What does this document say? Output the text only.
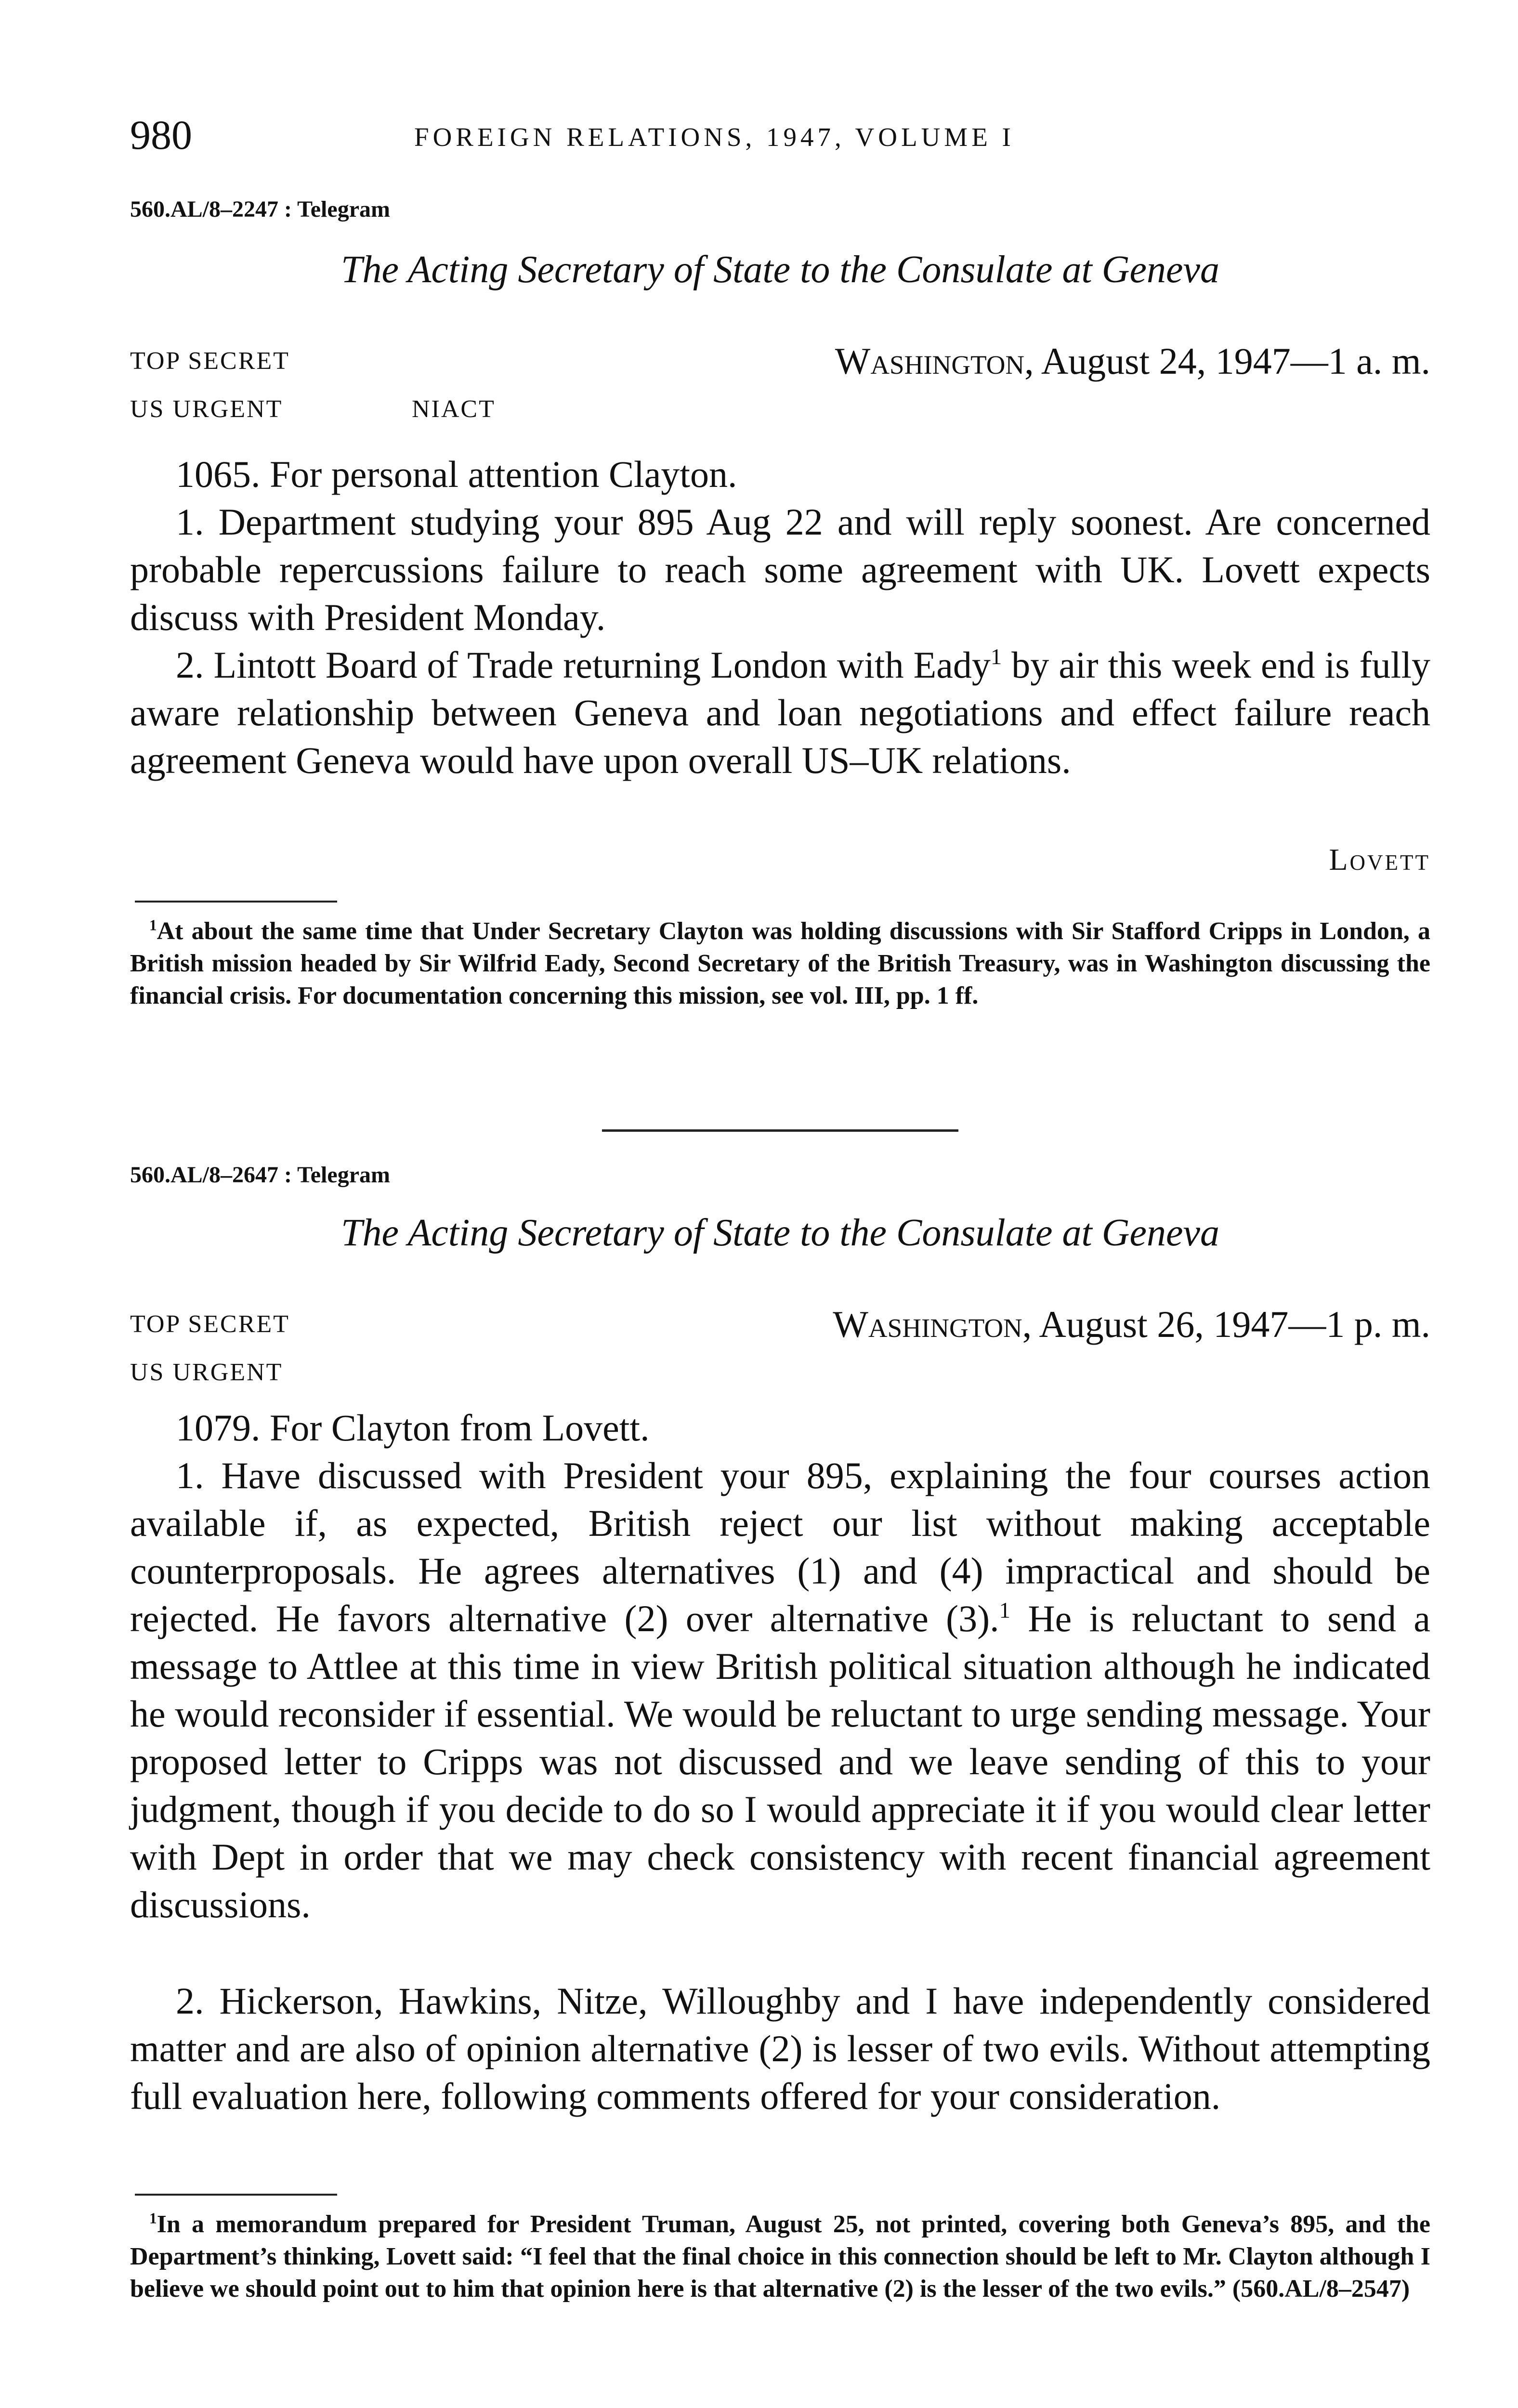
980	FOREIGN RELATIONS, 1947, VOLUME I
560.AL/8–2247 : Telegram
The Acting Secretary of State to the Consulate at Geneva
TOP SECRET	Washington, August 24, 1947—1 a. m.
US URGENT	NIACT
1065. For personal attention Clayton.
1. Department studying your 895 Aug 22 and will reply soonest. Are concerned probable repercussions failure to reach some agreement with UK. Lovett expects discuss with President Monday.
2. Lintott Board of Trade returning London with Eady$^1$ by air this week end is fully aware relationship between Geneva and loan negotiations and effect failure reach agreement Geneva would have upon overall US–UK relations.
Lovett
$^1$At about the same time that Under Secretary Clayton was holding discussions with Sir Stafford Cripps in London, a British mission headed by Sir Wilfrid Eady, Second Secretary of the British Treasury, was in Washington discussing the financial crisis. For documentation concerning this mission, see vol. III, pp. 1 ff.
560.AL/8–2647 : Telegram
The Acting Secretary of State to the Consulate at Geneva
TOP SECRET	Washington, August 26, 1947—1 p. m.
US URGENT
1079. For Clayton from Lovett.
1. Have discussed with President your 895, explaining the four courses action available if, as expected, British reject our list without making acceptable counterproposals. He agrees alternatives (1) and (4) impractical and should be rejected. He favors alternative (2) over alternative (3).$^1$ He is reluctant to send a message to Attlee at this time in view British political situation although he indicated he would reconsider if essential. We would be reluctant to urge sending message. Your proposed letter to Cripps was not discussed and we leave sending of this to your judgment, though if you decide to do so I would appreciate it if you would clear letter with Dept in order that we may check consistency with recent financial agreement discussions.
2. Hickerson, Hawkins, Nitze, Willoughby and I have independently considered matter and are also of opinion alternative (2) is lesser of two evils. Without attempting full evaluation here, following comments offered for your consideration.
$^1$In a memorandum prepared for President Truman, August 25, not printed, covering both Geneva’s 895, and the Department’s thinking, Lovett said: “I feel that the final choice in this connection should be left to Mr. Clayton although I believe we should point out to him that opinion here is that alternative (2) is the lesser of the two evils.” (560.AL/8–2547)
